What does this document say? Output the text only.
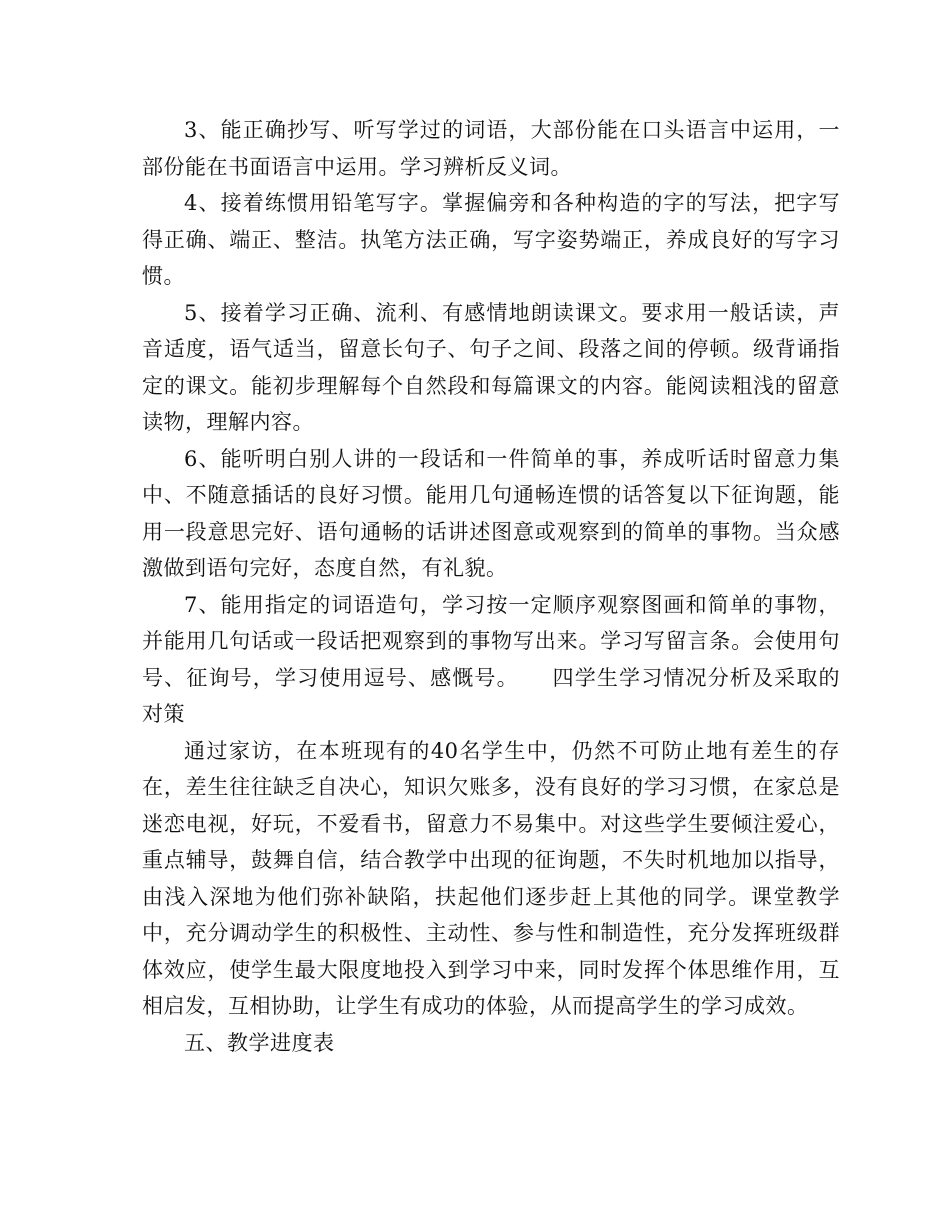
3、能正确抄写、听写学过的词语，大部份能在口头语言中运用，一部份能在书面语言中运用。学习辨析反义词。

4、接着练惯用铅笔写字。掌握偏旁和各种构造的字的写法，把字写得正确、端正、整洁。执笔方法正确，写字姿势端正，养成良好的写字习惯。

5、接着学习正确、流利、有感情地朗读课文。要求用一般话读，声音适度，语气适当，留意长句子、句子之间、段落之间的停顿。级背诵指定的课文。能初步理解每个自然段和每篇课文的内容。能阅读粗浅的留意读物，理解内容。

6、能听明白别人讲的一段话和一件简单的事，养成听话时留意力集中、不随意插话的良好习惯。能用几句通畅连惯的话答复以下征询题，能用一段意思完好、语句通畅的话讲述图意或观察到的简单的事物。当众感激做到语句完好，态度自然，有礼貌。

7、能用指定的词语造句，学习按一定顺序观察图画和简单的事物，并能用几句话或一段话把观察到的事物写出来。学习写留言条。会使用句号、征询号，学习使用逗号、感慨号。　　四学生学习情况分析及采取的对策

通过家访，在本班现有的40名学生中，仍然不可防止地有差生的存在，差生往往缺乏自决心，知识欠账多，没有良好的学习习惯，在家总是迷恋电视，好玩，不爱看书，留意力不易集中。对这些学生要倾注爱心，重点辅导，鼓舞自信，结合教学中出现的征询题，不失时机地加以指导，由浅入深地为他们弥补缺陷，扶起他们逐步赶上其他的同学。课堂教学中，充分调动学生的积极性、主动性、参与性和制造性，充分发挥班级群体效应，使学生最大限度地投入到学习中来，同时发挥个体思维作用，互相启发，互相协助，让学生有成功的体验，从而提高学生的学习成效。

五、教学进度表
